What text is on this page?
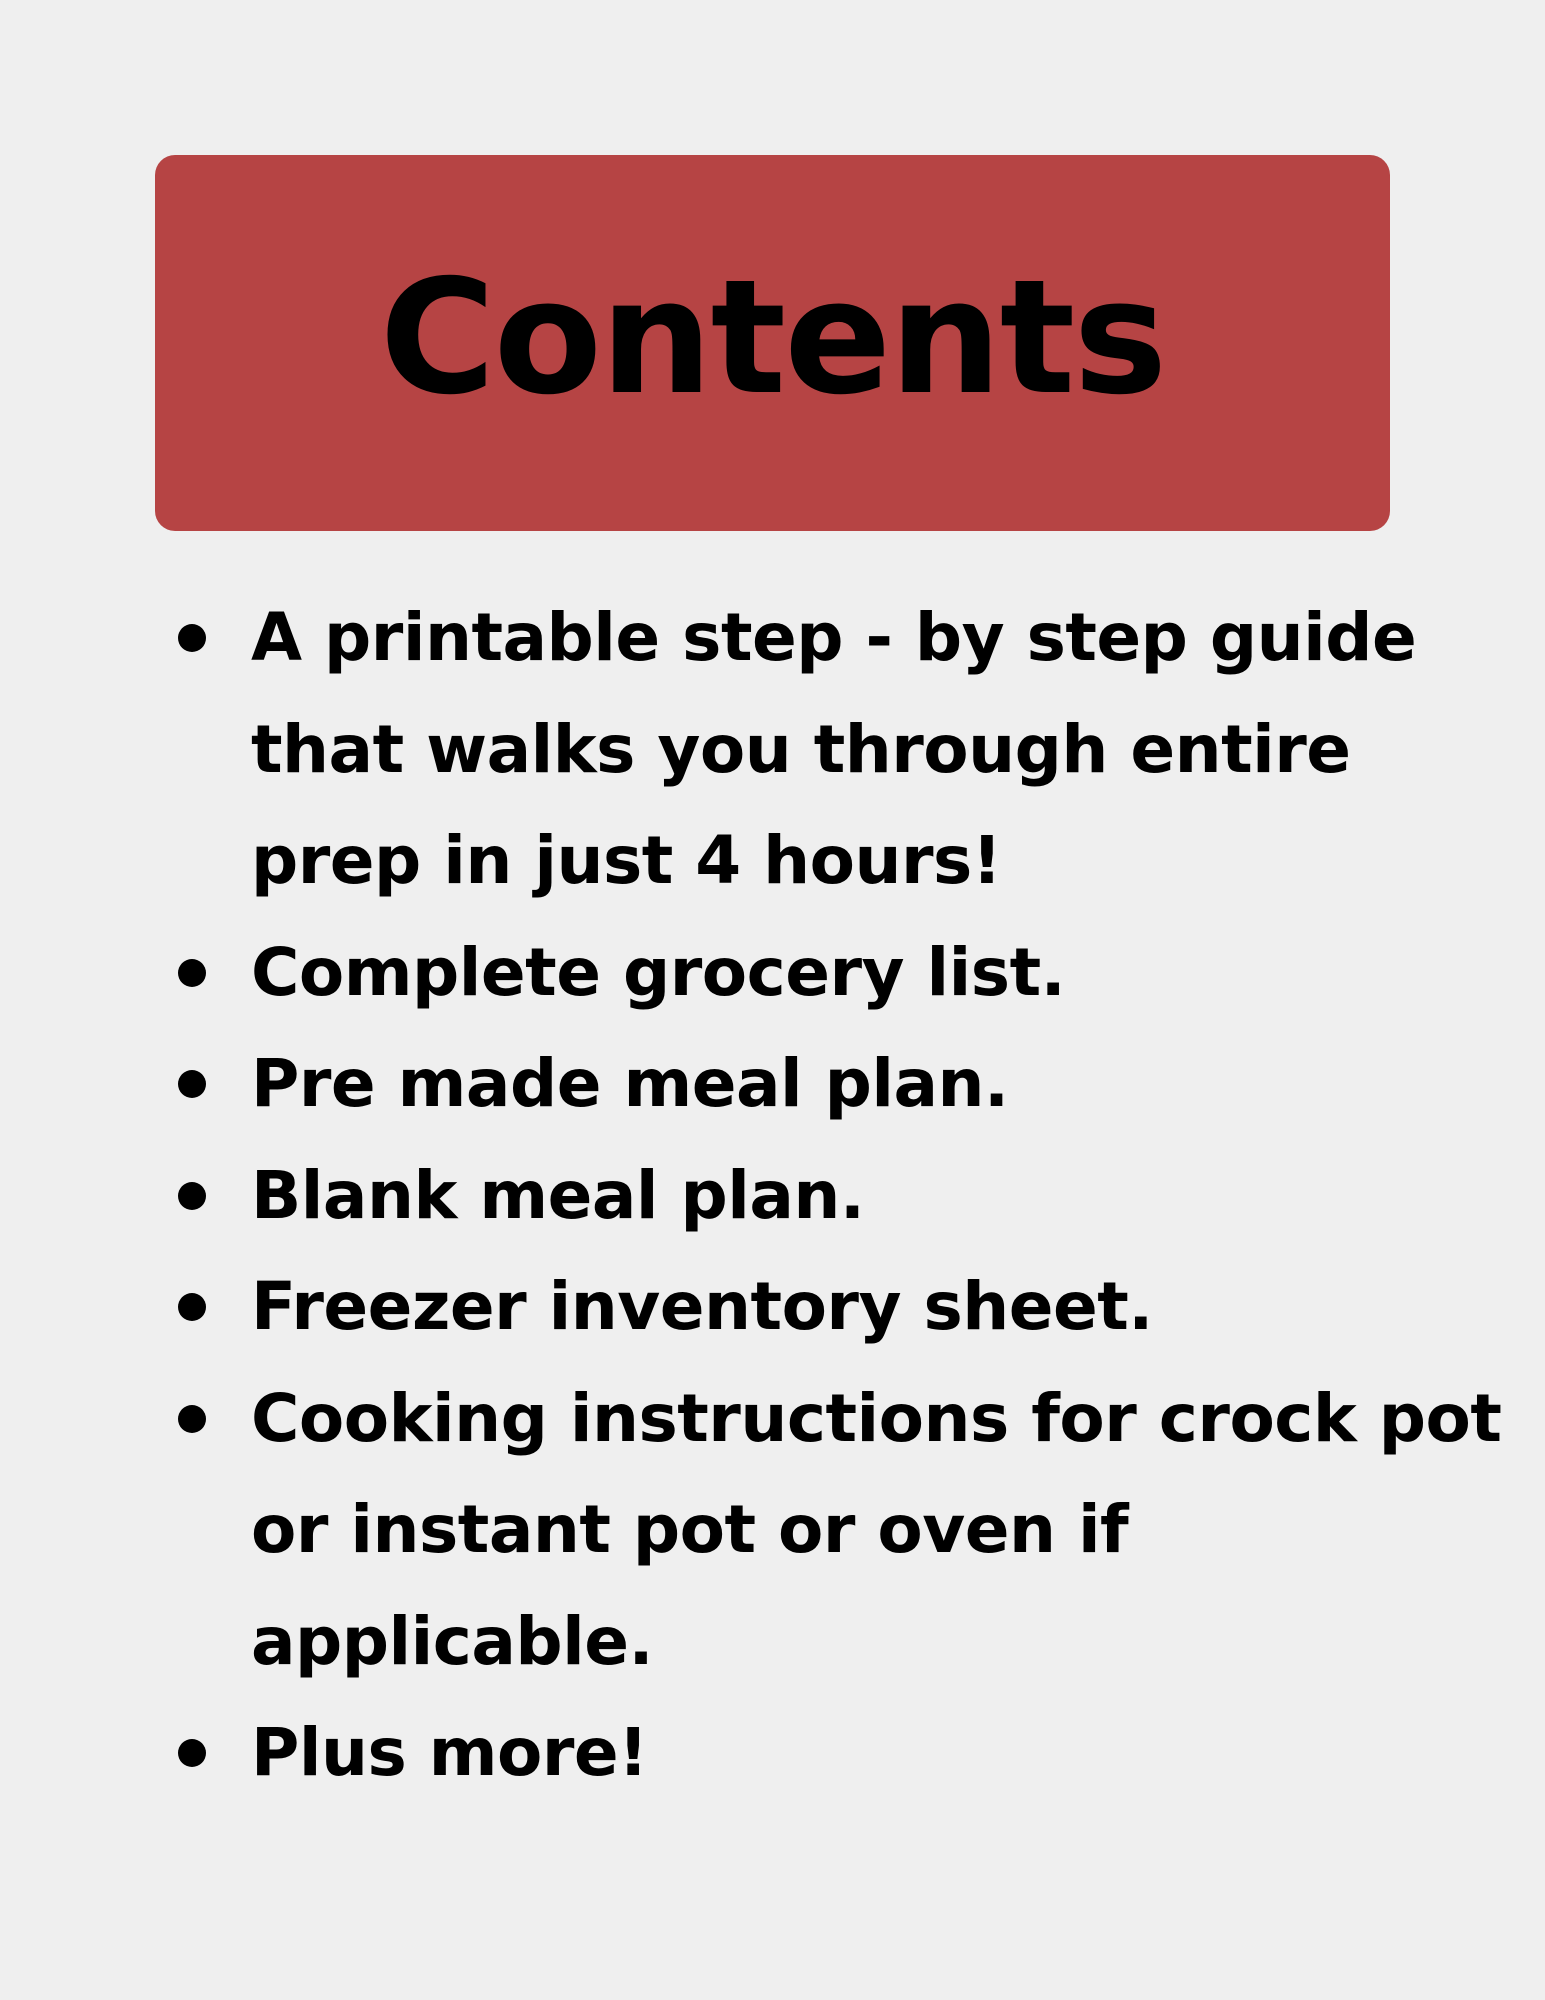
Contents
A printable step - by step guide that walks you through entire prep in just 4 hours!
Complete grocery list.
Pre made meal plan.
Blank meal plan.
Freezer inventory sheet.
Cooking instructions for crock pot or instant pot or oven if applicable.
Plus more!
